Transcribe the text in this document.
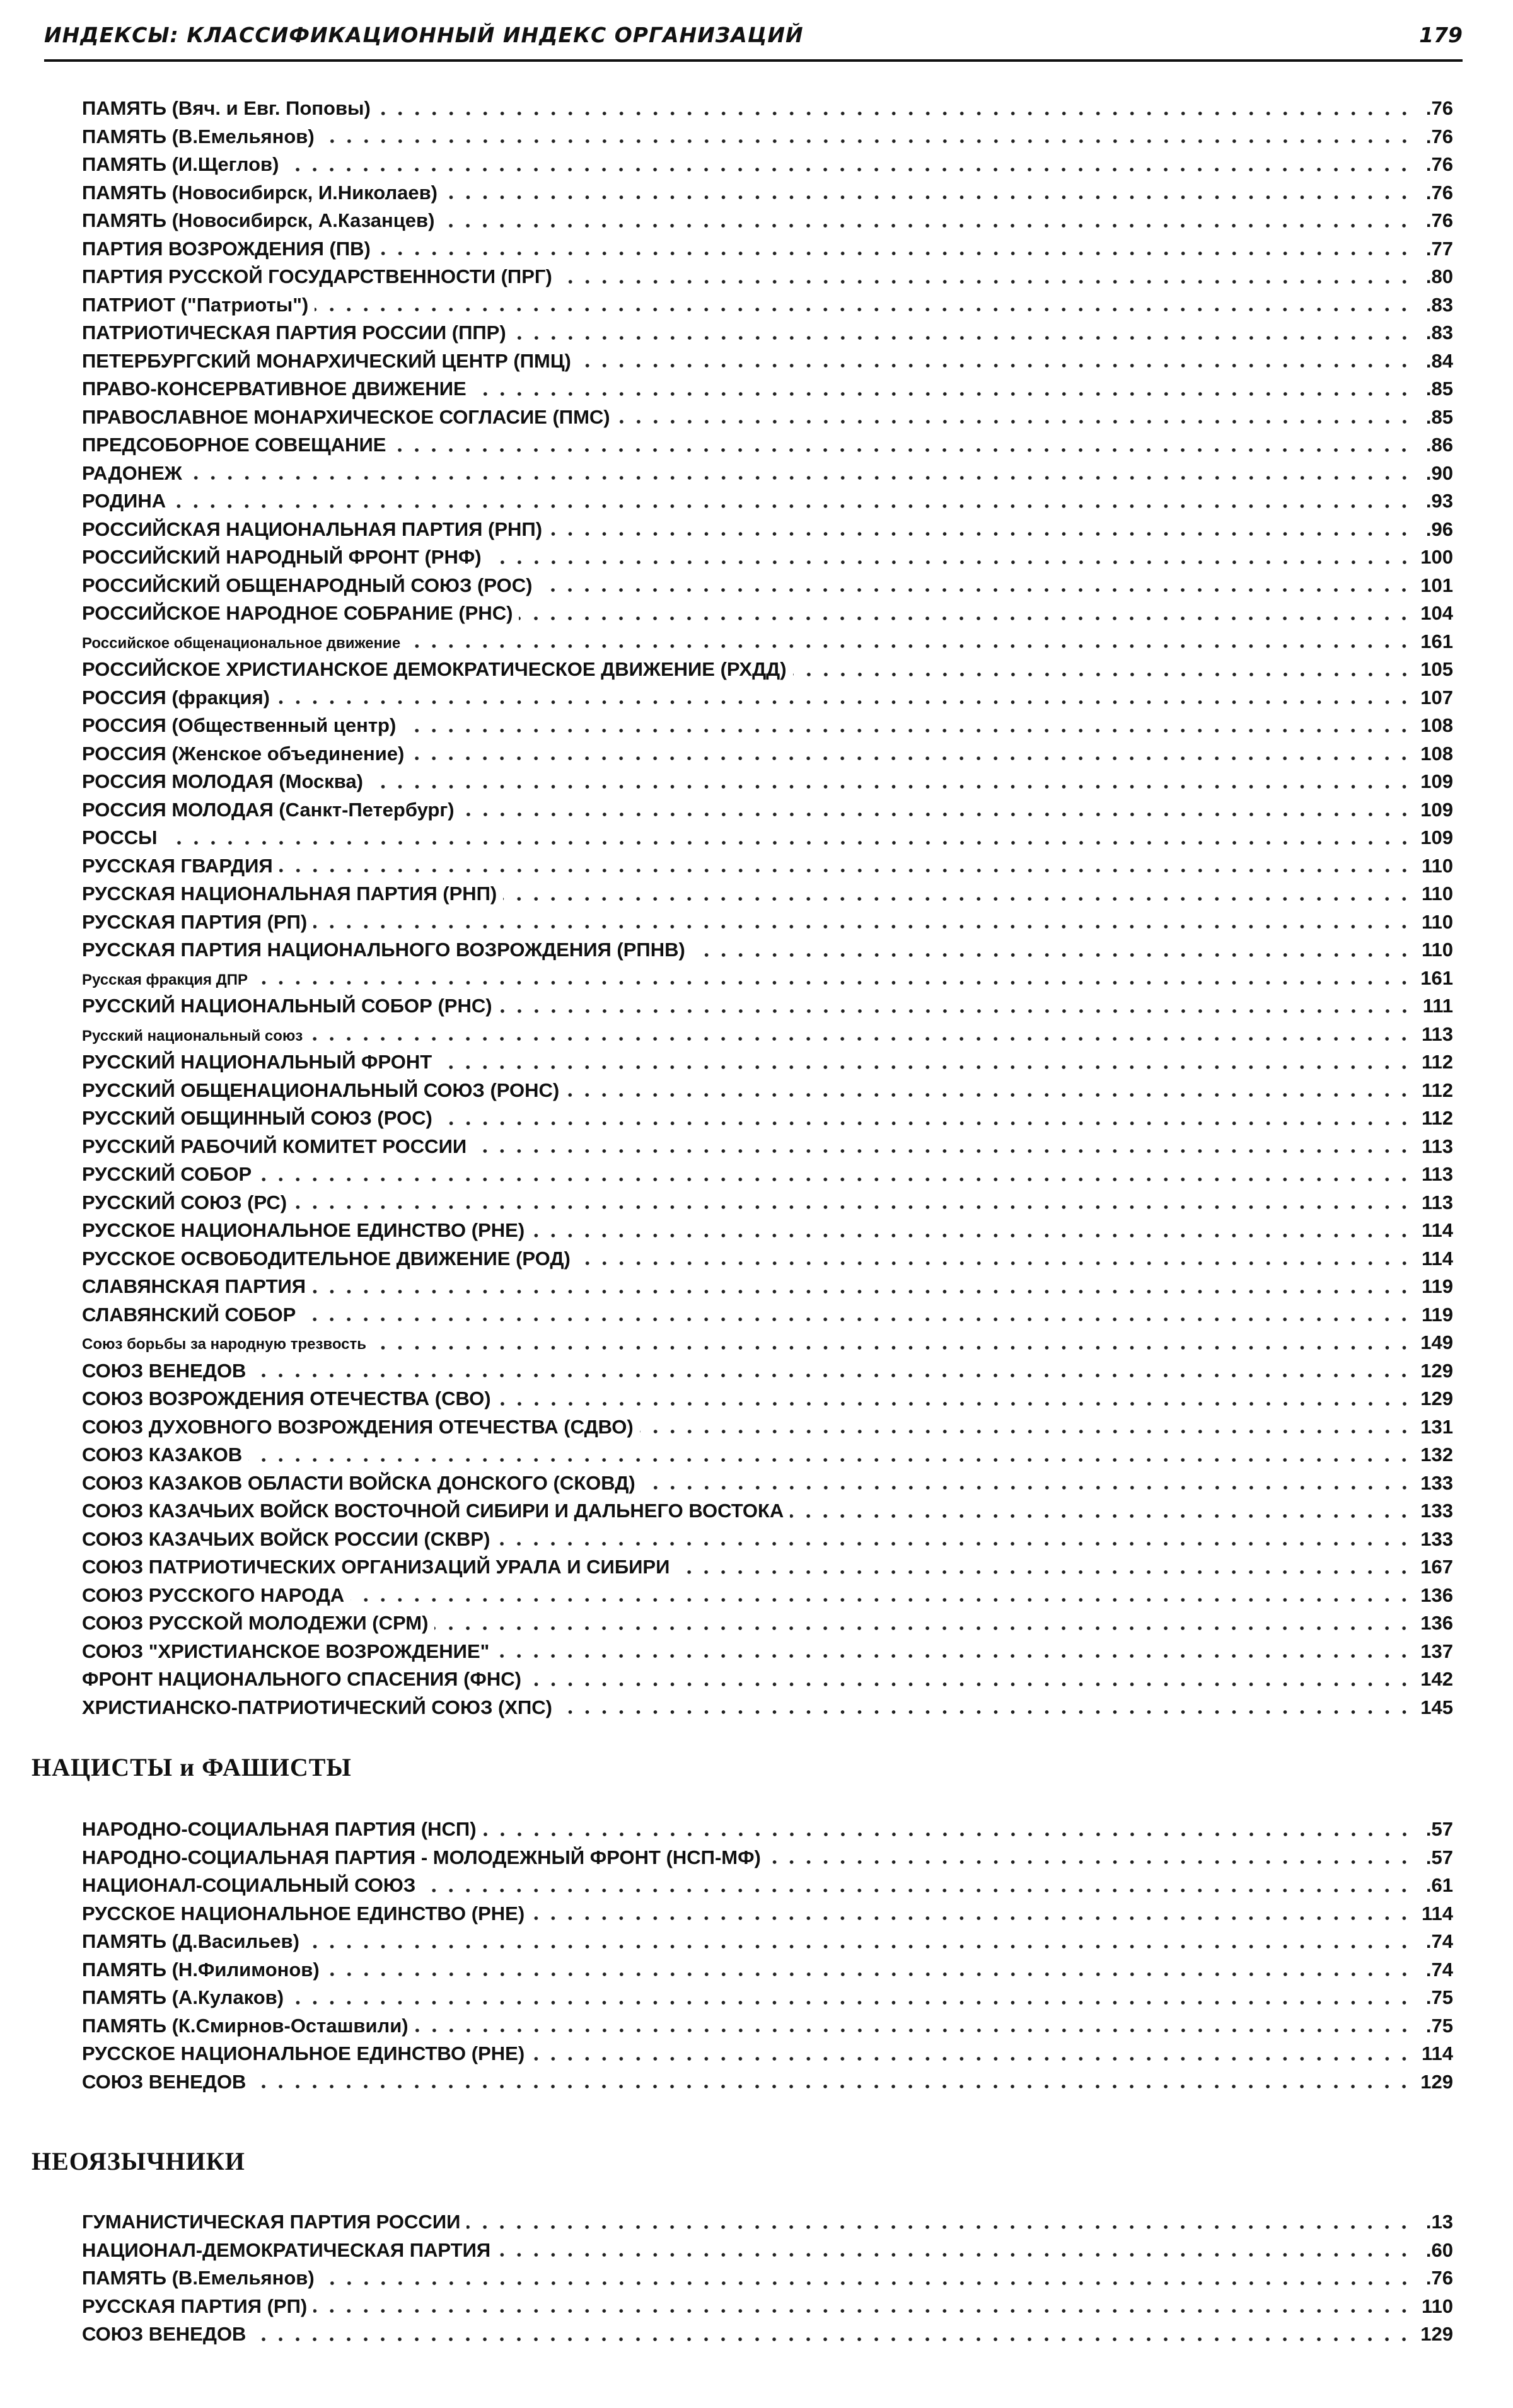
ИНДЕКСЫ: КЛАССИФИКАЦИОННЫЙ ИНДЕКС ОРГАНИЗАЦИЙ	179
ПАМЯТЬ (Вяч. и Евг. Поповы)	.76
ПАМЯТЬ (В.Емельянов)	.76
ПАМЯТЬ (И.Щеглов)	.76
ПАМЯТЬ (Новосибирск, И.Николаев)	.76
ПАМЯТЬ (Новосибирск, А.Казанцев)	.76
ПАРТИЯ ВОЗРОЖДЕНИЯ (ПВ)	.77
ПАРТИЯ РУССКОЙ ГОСУДАРСТВЕННОСТИ (ПРГ)	.80
ПАТРИОТ ("Патриоты")	.83
ПАТРИОТИЧЕСКАЯ ПАРТИЯ РОССИИ (ППР)	.83
ПЕТЕРБУРГСКИЙ МОНАРХИЧЕСКИЙ ЦЕНТР (ПМЦ)	.84
ПРАВО-КОНСЕРВАТИВНОЕ ДВИЖЕНИЕ	.85
ПРАВОСЛАВНОЕ МОНАРХИЧЕСКОЕ СОГЛАСИЕ (ПМС)	.85
ПРЕДСОБОРНОЕ СОВЕЩАНИЕ	.86
РАДОНЕЖ	.90
РОДИНА	.93
РОССИЙСКАЯ НАЦИОНАЛЬНАЯ ПАРТИЯ (РНП)	.96
РОССИЙСКИЙ НАРОДНЫЙ ФРОНТ (РНФ)	100
РОССИЙСКИЙ ОБЩЕНАРОДНЫЙ СОЮЗ (РОС)	101
РОССИЙСКОЕ НАРОДНОЕ СОБРАНИЕ (РНС)	104
Российское общенациональное движение	161
РОССИЙСКОЕ ХРИСТИАНСКОЕ ДЕМОКРАТИЧЕСКОЕ ДВИЖЕНИЕ (РХДД)	105
РОССИЯ (фракция)	107
РОССИЯ (Общественный центр)	108
РОССИЯ (Женское объединение)	108
РОССИЯ МОЛОДАЯ (Москва)	109
РОССИЯ МОЛОДАЯ (Санкт-Петербург)	109
РОССЫ	109
РУССКАЯ ГВАРДИЯ	110
РУССКАЯ НАЦИОНАЛЬНАЯ ПАРТИЯ (РНП)	110
РУССКАЯ ПАРТИЯ (РП)	110
РУССКАЯ ПАРТИЯ НАЦИОНАЛЬНОГО ВОЗРОЖДЕНИЯ (РПНВ)	110
Русская фракция ДПР	161
РУССКИЙ НАЦИОНАЛЬНЫЙ СОБОР (РНС)	111
Русский национальный союз	113
РУССКИЙ НАЦИОНАЛЬНЫЙ ФРОНТ	112
РУССКИЙ ОБЩЕНАЦИОНАЛЬНЫЙ СОЮЗ (РОНС)	112
РУССКИЙ ОБЩИННЫЙ СОЮЗ (РОС)	112
РУССКИЙ РАБОЧИЙ КОМИТЕТ РОССИИ	113
РУССКИЙ СОБОР	113
РУССКИЙ СОЮЗ (РС)	113
РУССКОЕ НАЦИОНАЛЬНОЕ ЕДИНСТВО (РНЕ)	114
РУССКОЕ ОСВОБОДИТЕЛЬНОЕ ДВИЖЕНИЕ (РОД)	114
СЛАВЯНСКАЯ ПАРТИЯ	119
СЛАВЯНСКИЙ СОБОР	119
Союз борьбы за народную трезвость	149
СОЮЗ ВЕНЕДОВ	129
СОЮЗ ВОЗРОЖДЕНИЯ ОТЕЧЕСТВА (СВО)	129
СОЮЗ ДУХОВНОГО ВОЗРОЖДЕНИЯ ОТЕЧЕСТВА (СДВО)	131
СОЮЗ КАЗАКОВ	132
СОЮЗ КАЗАКОВ ОБЛАСТИ ВОЙСКА ДОНСКОГО (СКОВД)	133
СОЮЗ КАЗАЧЬИХ ВОЙСК ВОСТОЧНОЙ СИБИРИ И ДАЛЬНЕГО ВОСТОКА	133
СОЮЗ КАЗАЧЬИХ ВОЙСК РОССИИ (СКВР)	133
СОЮЗ ПАТРИОТИЧЕСКИХ ОРГАНИЗАЦИЙ УРАЛА И СИБИРИ	167
СОЮЗ РУССКОГО НАРОДА	136
СОЮЗ РУССКОЙ МОЛОДЕЖИ (СРМ)	136
СОЮЗ "ХРИСТИАНСКОЕ ВОЗРОЖДЕНИЕ"	137
ФРОНТ НАЦИОНАЛЬНОГО СПАСЕНИЯ (ФНС)	142
ХРИСТИАНСКО-ПАТРИОТИЧЕСКИЙ СОЮЗ (ХПС)	145
НАЦИСТЫ и ФАШИСТЫ
НАРОДНО-СОЦИАЛЬНАЯ ПАРТИЯ (НСП)	.57
НАРОДНО-СОЦИАЛЬНАЯ ПАРТИЯ - МОЛОДЕЖНЫЙ ФРОНТ (НСП-МФ)	.57
НАЦИОНАЛ-СОЦИАЛЬНЫЙ СОЮЗ	.61
РУССКОЕ НАЦИОНАЛЬНОЕ ЕДИНСТВО (РНЕ)	114
ПАМЯТЬ (Д.Васильев)	.74
ПАМЯТЬ (Н.Филимонов)	.74
ПАМЯТЬ (А.Кулаков)	.75
ПАМЯТЬ (К.Смирнов-Осташвили)	.75
РУССКОЕ НАЦИОНАЛЬНОЕ ЕДИНСТВО (РНЕ)	114
СОЮЗ ВЕНЕДОВ	129
НЕОЯЗЫЧНИКИ
ГУМАНИСТИЧЕСКАЯ ПАРТИЯ РОССИИ	.13
НАЦИОНАЛ-ДЕМОКРАТИЧЕСКАЯ ПАРТИЯ	.60
ПАМЯТЬ (В.Емельянов)	.76
РУССКАЯ ПАРТИЯ (РП)	110
СОЮЗ ВЕНЕДОВ	129
